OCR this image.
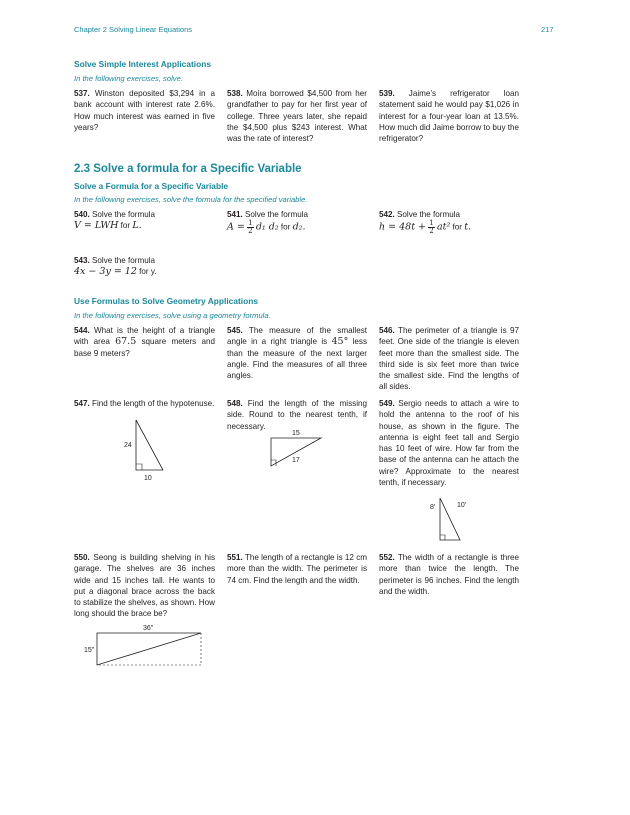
Chapter 2 Solving Linear Equations	217
Solve Simple Interest Applications
In the following exercises, solve.
537. Winston deposited $3,294 in a bank account with interest rate 2.6%. How much interest was earned in five years?
538. Moira borrowed $4,500 from her grandfather to pay for her first year of college. Three years later, she repaid the $4,500 plus $243 interest. What was the rate of interest?
539. Jaime’s refrigerator loan statement said he would pay $1,026 in interest for a four-year loan at 13.5%. How much did Jaime borrow to buy the refrigerator?
2.3 Solve a formula for a Specific Variable
Solve a Formula for a Specific Variable
In the following exercises, solve the formula for the specified variable.
540. Solve the formula
V = LWH for L.
541. Solve the formula
$A = \frac{1}{2} d_1$ d₂ for d₂.
542. Solve the formula
$h = 48t + \frac{1}{2} at^2$ for t.
543. Solve the formula
4x − 3y = 12 for y.
Use Formulas to Solve Geometry Applications
In the following exercises, solve using a geometry formula.
544. What is the height of a triangle with area 67.5 square meters and base 9 meters?
545. The measure of the smallest angle in a right triangle is 45° less than the measure of the next larger angle. Find the measures of all three angles.
546. The perimeter of a triangle is 97 feet. One side of the triangle is eleven feet more than the smallest side. The third side is six feet more than twice the smallest side. Find the lengths of all sides.
547. Find the length of the hypotenuse.
24
10
548. Find the length of the missing side. Round to the nearest tenth, if necessary.
15
17
549. Sergio needs to attach a wire to hold the antenna to the roof of his house, as shown in the figure. The antenna is eight feet tall and Sergio has 10 feet of wire. How far from the base of the antenna can he attach the wire? Approximate to the nearest tenth, if necessary.
8'	10'
550. Seong is building shelving in his garage. The shelves are 36 inches wide and 15 inches tall. He wants to put a diagonal brace across the back to stabilize the shelves, as shown. How long should the brace be?
36"
15"
551. The length of a rectangle is 12 cm more than the width. The perimeter is 74 cm. Find the length and the width.
552. The width of a rectangle is three more than twice the length. The perimeter is 96 inches. Find the length and the width.
